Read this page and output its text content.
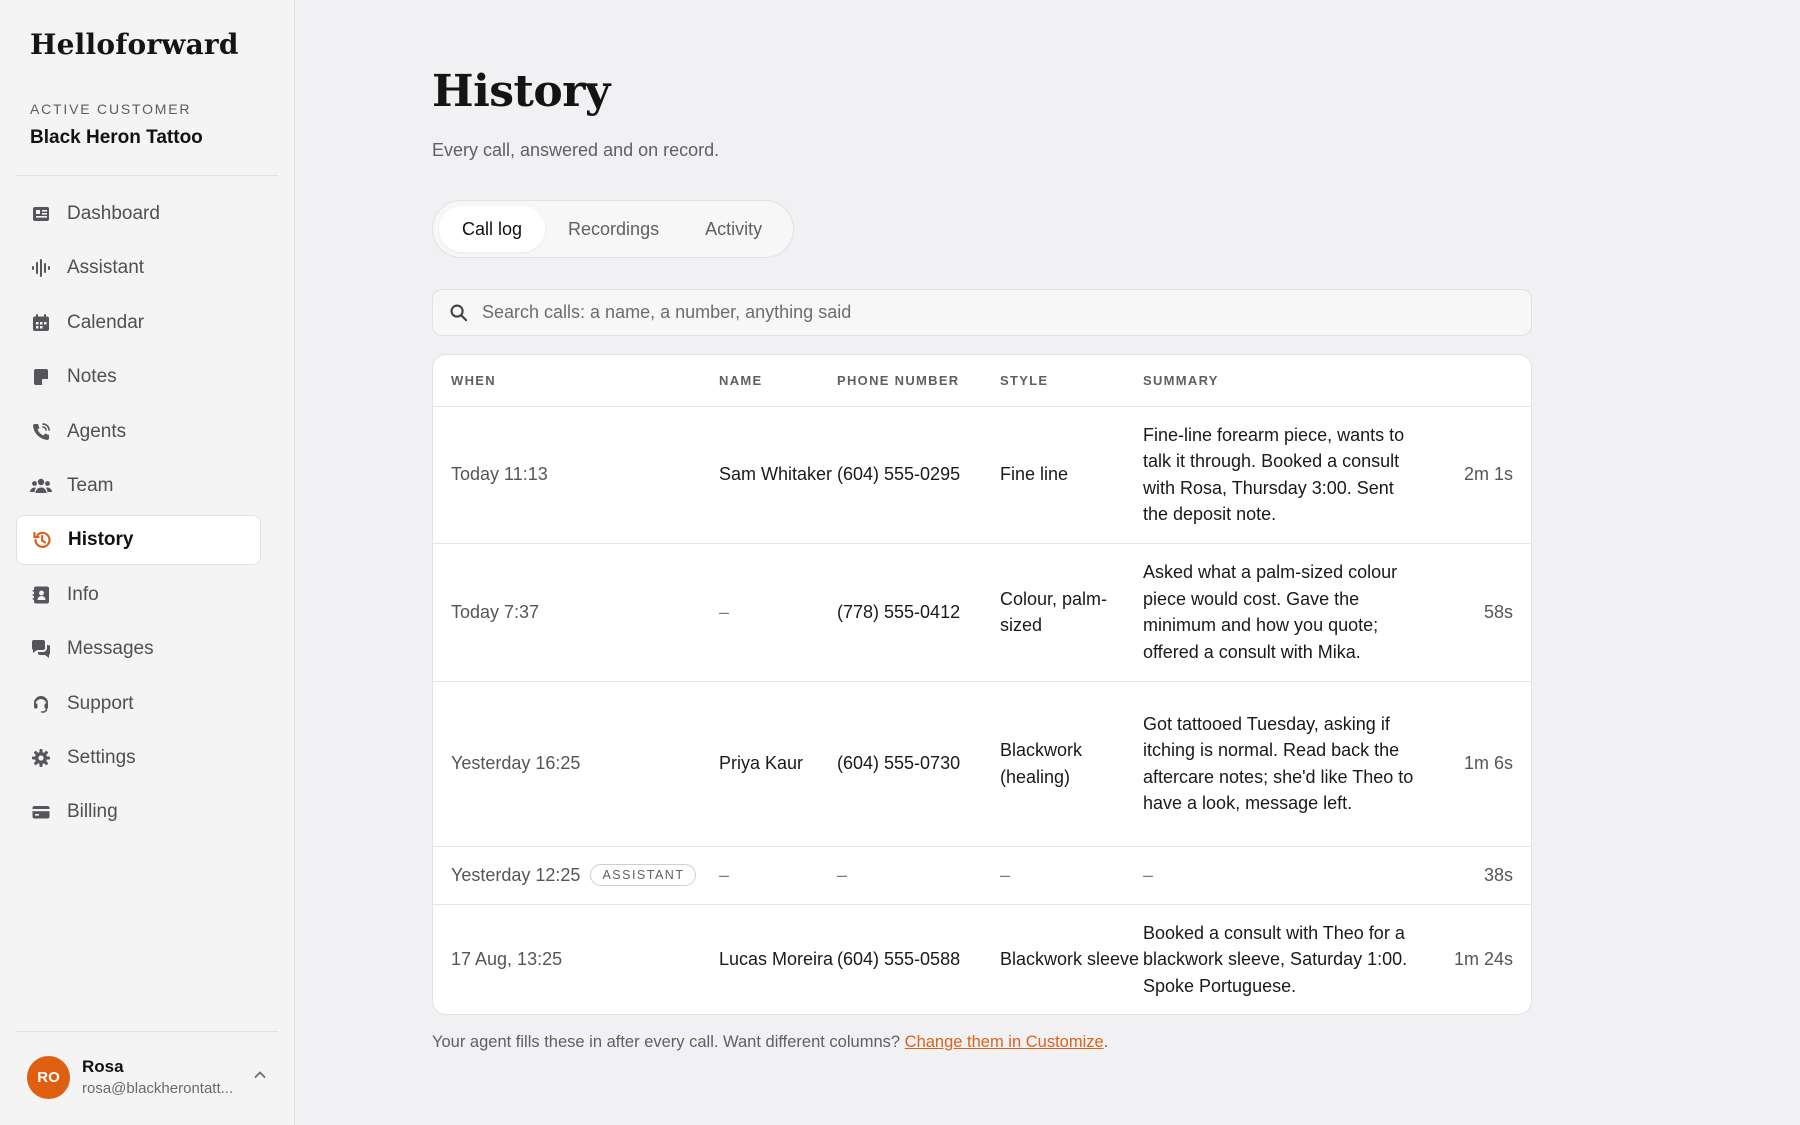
Helloforward
ACTIVE CUSTOMER
Black Heron Tattoo
Dashboard
Assistant
Calendar
Notes
Agents
Team
History
Info
Messages
Support
Settings
Billing
RO
Rosa
rosa@blackherontatt...
History
Every call, answered and on record.
Call log	Recordings	Activity
Search calls: a name, a number, anything said
WHEN	NAME	PHONE NUMBER	STYLE	SUMMARY	
Today 11:13	Sam Whitaker	(604) 555-0295	Fine line	Fine-line forearm piece, wants to talk it through. Booked a consult with Rosa, Thursday 3:00. Sent the deposit note.	2m 1s
Today 7:37	–	(778) 555-0412	Colour, palm-sized	Asked what a palm-sized colour piece would cost. Gave the minimum and how you quote; offered a consult with Mika.	58s
Yesterday 16:25	Priya Kaur	(604) 555-0730	Blackwork (healing)	Got tattooed Tuesday, asking if itching is normal. Read back the aftercare notes; she'd like Theo to have a look, message left.	1m 6s

Yesterday 12:25 ASSISTANT	–	–	–	–	38s
17 Aug, 13:25	Lucas Moreira	(604) 555-0588	Blackwork sleeve	Booked a consult with Theo for a blackwork sleeve, Saturday 1:00. Spoke Portuguese.	1m 24s
Your agent fills these in after every call. Want different columns? Change them in Customize.
